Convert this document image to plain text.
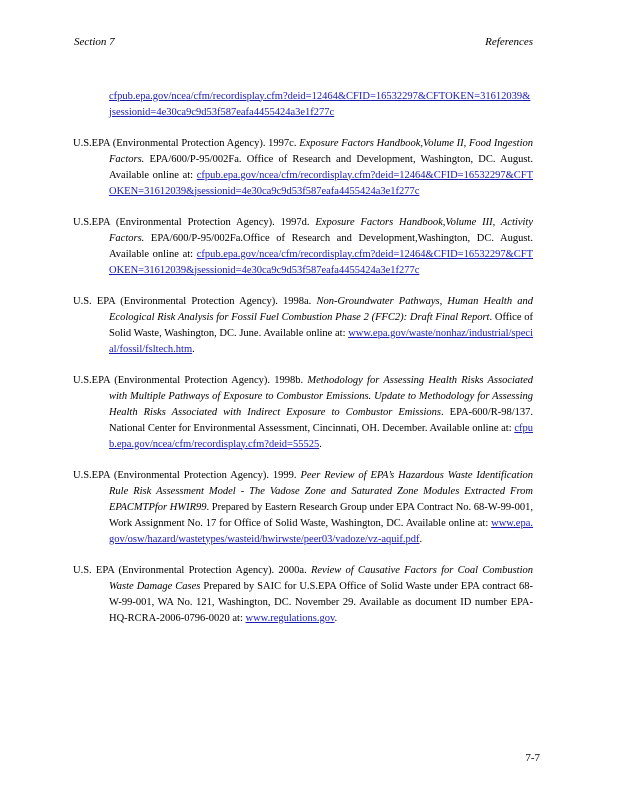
Section 7	References

cfpub.epa.gov/ncea/cfm/recordisplay.cfm?deid=12464&CFID=16532297&CFTOKEN=31612039&jsessionid=4e30ca9c9d53f587eafa4455424a3e1f277c

U.S.EPA (Environmental Protection Agency). 1997c. Exposure Factors Handbook,Volume II, Food Ingestion Factors. EPA/600/P-95/002Fa. Office of Research and Development, Washington, DC. August. Available online at: cfpub.epa.gov/ncea/cfm/recordisplay.cfm?deid=12464&CFID=16532297&CFTOKEN=31612039&jsessionid=4e30ca9c9d53f587eafa4455424a3e1f277c

U.S.EPA (Environmental Protection Agency). 1997d. Exposure Factors Handbook,Volume III, Activity Factors. EPA/600/P-95/002Fa.Office of Research and Development,Washington, DC. August. Available online at: cfpub.epa.gov/ncea/cfm/recordisplay.cfm?deid=12464&CFID=16532297&CFTOKEN=31612039&jsessionid=4e30ca9c9d53f587eafa4455424a3e1f277c

U.S. EPA (Environmental Protection Agency). 1998a. Non-Groundwater Pathways, Human Health and Ecological Risk Analysis for Fossil Fuel Combustion Phase 2 (FFC2): Draft Final Report. Office of Solid Waste, Washington, DC. June. Available online at: www.epa.gov/waste/nonhaz/industrial/special/fossil/fsltech.htm.

U.S.EPA (Environmental Protection Agency). 1998b. Methodology for Assessing Health Risks Associated with Multiple Pathways of Exposure to Combustor Emissions. Update to Methodology for Assessing Health Risks Associated with Indirect Exposure to Combustor Emissions. EPA-600/R-98/137. National Center for Environmental Assessment, Cincinnati, OH. December. Available online at: cfpub.epa.gov/ncea/cfm/recordisplay.cfm?deid=55525.

U.S.EPA (Environmental Protection Agency). 1999. Peer Review of EPA’s Hazardous Waste Identification Rule Risk Assessment Model - The Vadose Zone and Saturated Zone Modules Extracted From EPACMTPfor HWIR99. Prepared by Eastern Research Group under EPA Contract No. 68-W-99-001, Work Assignment No. 17 for Office of Solid Waste, Washington, DC. Available online at: www.epa.gov/osw/hazard/wastetypes/wasteid/hwirwste/peer03/vadoze/vz-aquif.pdf.

U.S. EPA (Environmental Protection Agency). 2000a. Review of Causative Factors for Coal Combustion Waste Damage Cases Prepared by SAIC for U.S.EPA Office of Solid Waste under EPA contract 68-W-99-001, WA No. 121, Washington, DC. November 29. Available as document ID number EPA-HQ-RCRA-2006-0796-0020 at: www.regulations.gov.

7-7
